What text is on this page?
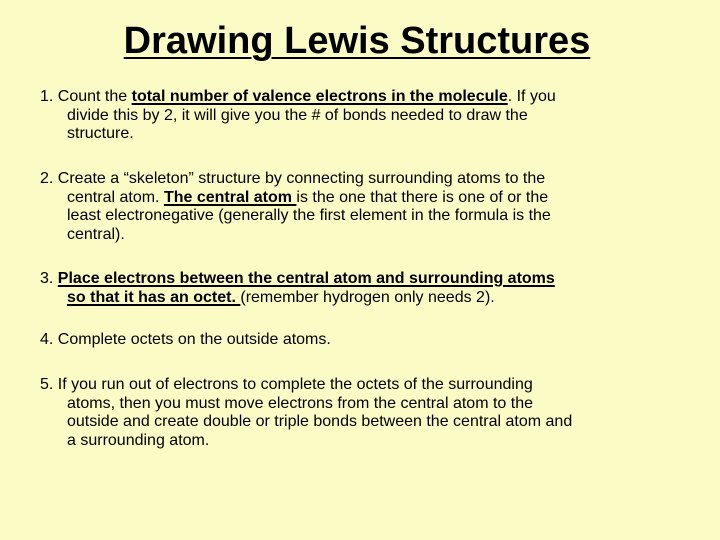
Drawing Lewis Structures
1. Count the total number of valence electrons in the molecule. If you
divide this by 2, it will give you the # of bonds needed to draw the
structure.
2. Create a “skeleton” structure by connecting surrounding atoms to the
central atom. The central atom is the one that there is one of or the
least electronegative (generally the first element in the formula is the
central).
3. Place electrons between the central atom and surrounding atoms
so that it has an octet. (remember hydrogen only needs 2).
4. Complete octets on the outside atoms.
5. If you run out of electrons to complete the octets of the surrounding
atoms, then you must move electrons from the central atom to the
outside and create double or triple bonds between the central atom and
a surrounding atom.
